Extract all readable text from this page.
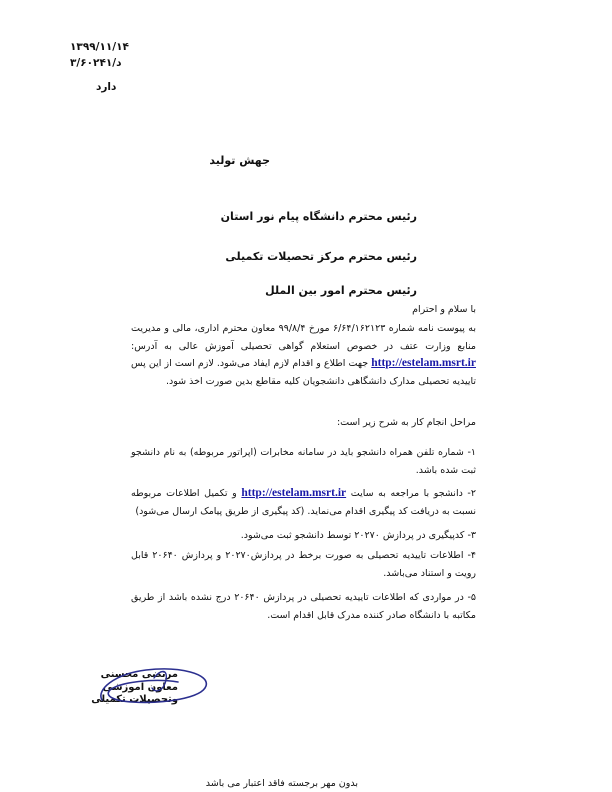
۱۳۹۹/۱۱/۱۴
د/۳/۶۰۲۴۱
دارد
جهش تولید
رئیس محترم دانشگاه پیام نور استان
رئیس محترم مرکز تحصیلات تکمیلی
رئیس محترم امور بین الملل
با سلام و احترام

به پیوست نامه شماره ۶/۶۴/۱۶۲۱۲۳ مورخ ۹۹/۸/۴ معاون محترم اداری، مالی و مدیریت منابع وزارت عتف در خصوص استعلام گواهی تحصیلی آموزش عالی به آدرس: http://estelam.msrt.ir جهت اطلاع و اقدام لازم ایفاد می‌شود. لازم است از این پس تاییدیه تحصیلی مدارک دانشگاهی دانشجویان کلیه مقاطع بدین صورت اخذ شود.

مراحل انجام کار به شرح زیر است:
۱- شماره تلفن همراه دانشجو باید در سامانه مخابرات (اپراتور مربوطه) به نام دانشجو ثبت شده باشد.

۲- دانشجو با مراجعه به سایت http://estelam.msrt.ir و تکمیل اطلاعات مربوطه نسبت به دریافت کد پیگیری اقدام می‌نماید. (کد پیگیری از طریق پیامک ارسال می‌شود)

۳- کدپیگیری در پردازش ۲۰۲۷۰ توسط دانشجو ثبت می‌شود.
۴- اطلاعات تاییدیه تحصیلی به صورت برخط در پردازش۲۰۲۷۰ و پردازش ۲۰۶۴۰ قابل رویت و استناد می‌باشد.
۵- در مواردی که اطلاعات تاییدیه تحصیلی در پردازش ۲۰۶۴۰ درج نشده باشد از طریق مکاتبه با دانشگاه صادر کننده مدرک قابل اقدام است.
مرتضی محسنی
معاون آموزشی
وتحصیلات تکمیلی
بدون مهر برجسته فاقد اعتبار می باشد
